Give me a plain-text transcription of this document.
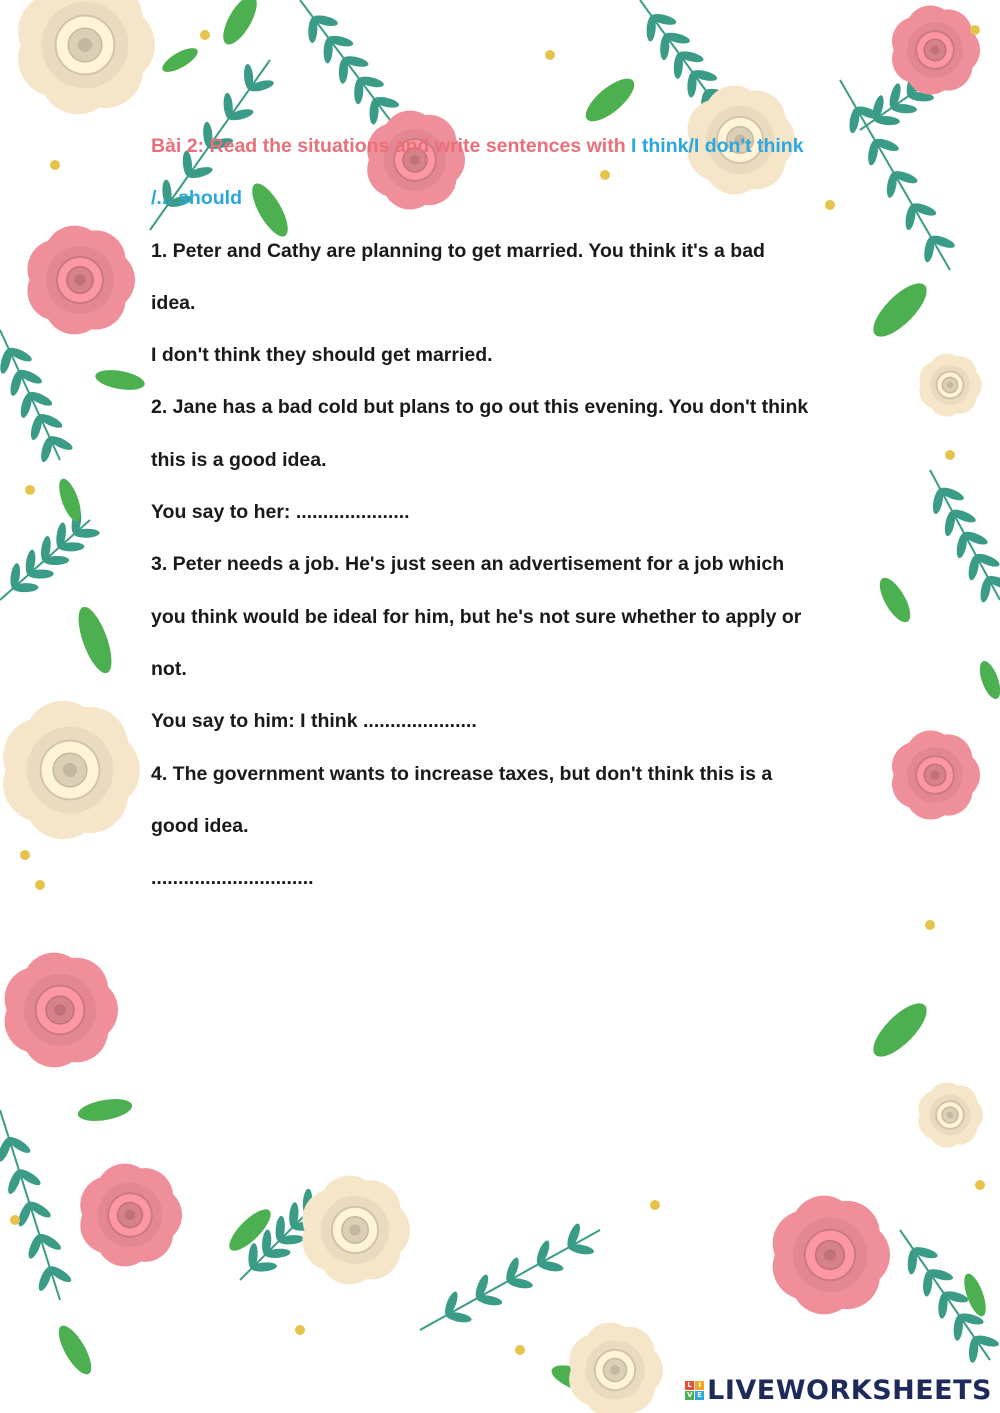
Bài 2: Read the situations and write sentences with I think/I don't think
/... should
1. Peter and Cathy are planning to get married. You think it's a bad
idea.
I don't think they should get married.
2. Jane has a bad cold but plans to go out this evening. You don't think
this is a good idea.
You say to her: .....................
3. Peter needs a job. He's just seen an advertisement for a job which
you think would be ideal for him, but he's not sure whether to apply or
not.
You say to him: I think .....................
4. The government wants to increase taxes, but don't think this is a
good idea.
..............................
L I
V E LIVEWORKSHEETS
